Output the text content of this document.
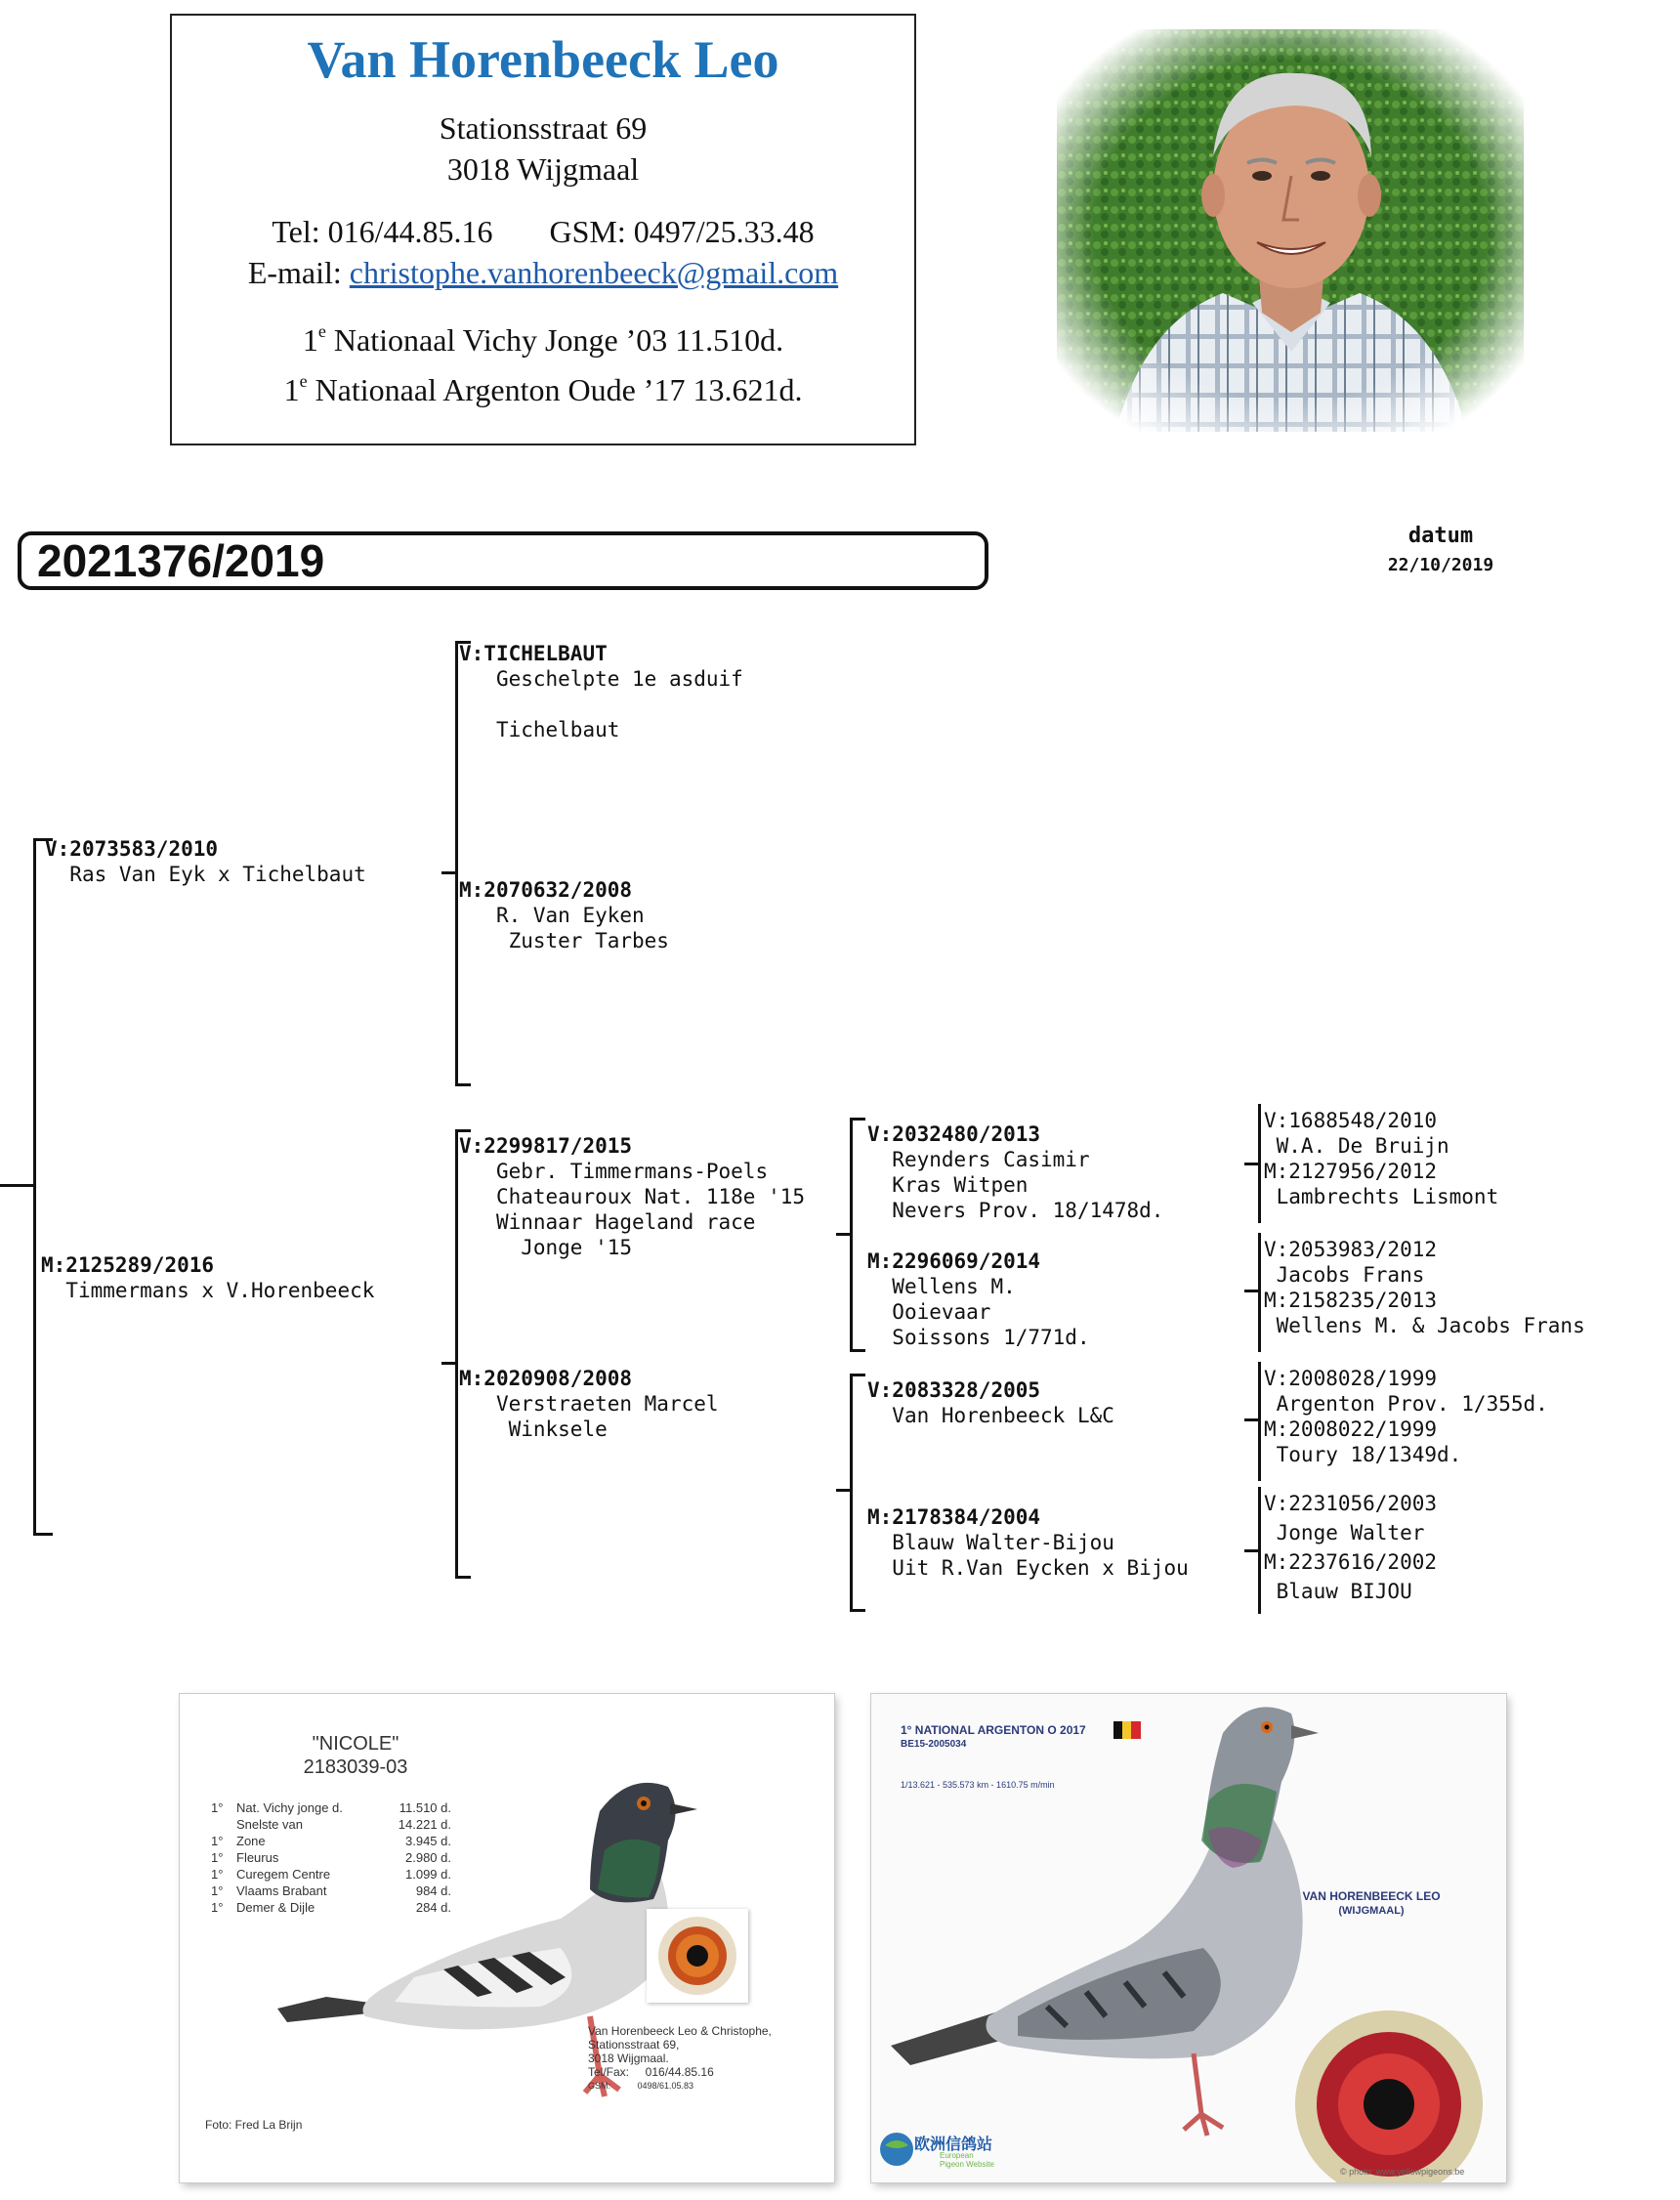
Van Horenbeeck Leo
Stationsstraat 69
3018 Wijgmaal
Tel: 016/44.85.16 GSM: 0497/25.33.48
E-mail: christophe.vanhorenbeeck@gmail.com
1e Nationaal Vichy Jonge ’03 11.510d.
1e Nationaal Argenton Oude ’17 13.621d.
2021376/2019	datum
22/10/2019
V:2073583/2010
Ras Van Eyk x Tichelbaut
M:2125289/2016
Timmermans x V.Horenbeeck
V:TICHELBAUT
Geschelpte 1e asduif

Tichelbaut
M:2070632/2008
R. Van Eyken
Zuster Tarbes
V:2299817/2015
Gebr. Timmermans-Poels
Chateauroux Nat. 118e '15
Winnaar Hageland race
Jonge '15
M:2020908/2008
Verstraeten Marcel
Winksele
V:2032480/2013
Reynders Casimir
Kras Witpen
Nevers Prov. 18/1478d.
M:2296069/2014
Wellens M.
Ooievaar
Soissons 1/771d.
V:2083328/2005
Van Horenbeeck L&C
M:2178384/2004
Blauw Walter-Bijou
Uit R.Van Eycken x Bijou
V:1688548/2010
W.A. De Bruijn
M:2127956/2012
Lambrechts Lismont
V:2053983/2012
Jacobs Frans
M:2158235/2013
Wellens M. & Jacobs Frans
V:2008028/1999
Argenton Prov. 1/355d.
M:2008022/1999
Toury 18/1349d.
V:2231056/2003
Jonge Walter
M:2237616/2002
Blauw BIJOU
"NICOLE"
2183039-03
1° Nat. Vichy jonge d.	11.510 d.
Snelste van	14.221 d.
1° Zone	3.945 d.
1° Fleurus	2.980 d.
1° Curegem Centre	1.099 d.
1° Vlaams Brabant	984 d.
1° Demer & Dijle	284 d.
Van Horenbeeck Leo & Christophe,
Stationsstraat 69,
3018 Wijgmaal.
Tel/Fax:     016/44.85.16
GSM:           0498/61.05.83
Foto: Fred La Brijn
1° NATIONAL ARGENTON O 2017
BE15-2005034
1/13.621 - 535.573 km - 1610.75 m/min
VAN HORENBEECK LEO
(WIJGMAAL)
欧洲信鸽站
European Pigeon Website
© photo: www.yellowpigeons.be
